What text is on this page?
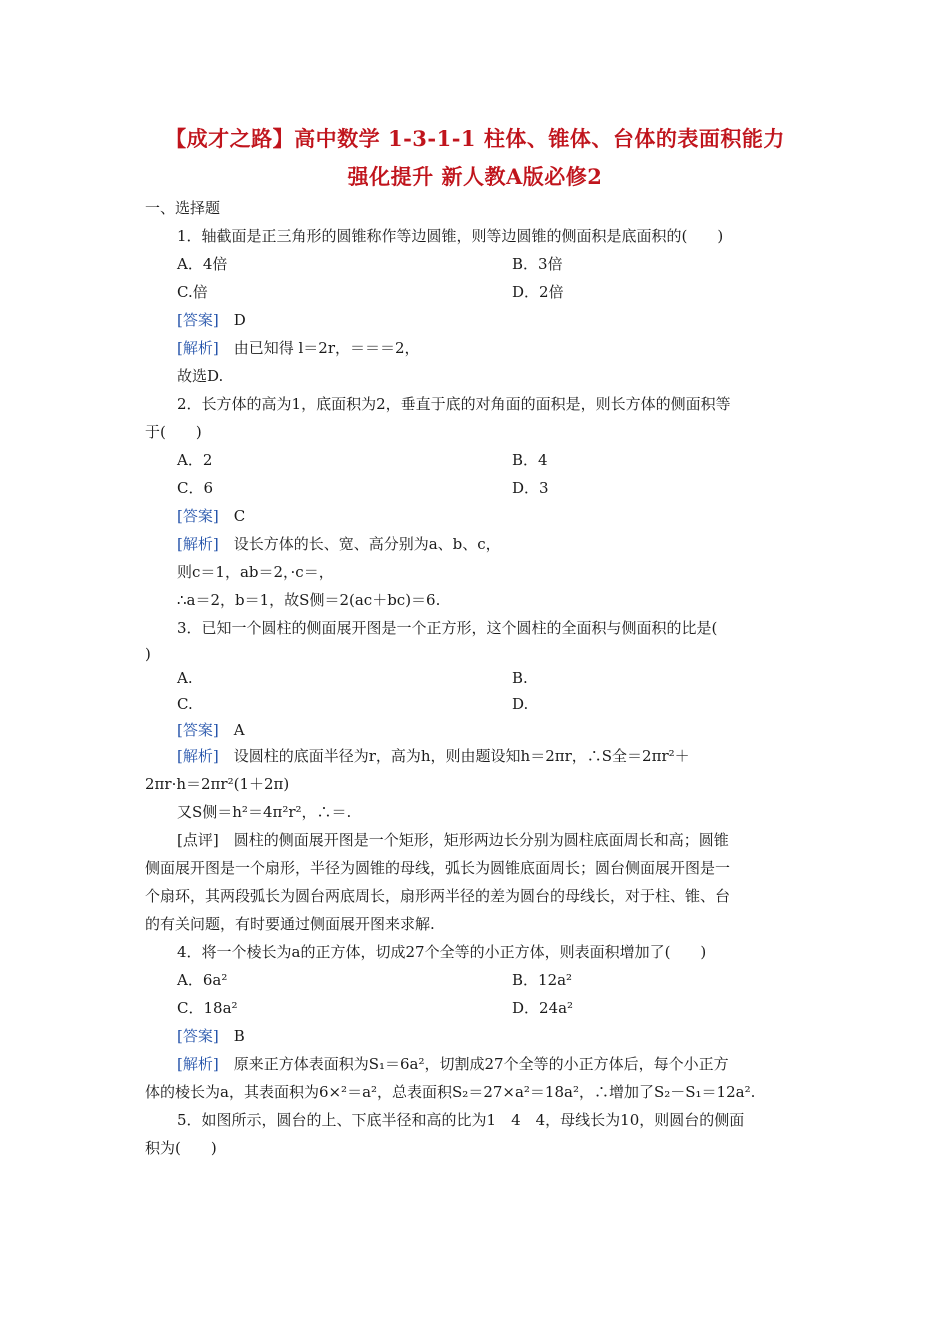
【成才之路】高中数学 1-3-1-1 柱体、锥体、台体的表面积能力
强化提升 新人教A版必修2
一、选择题
1．轴截面是正三角形的圆锥称作等边圆锥，则等边圆锥的侧面积是底面积的(　　)
A．4倍	B．3倍
C.倍	D．2倍
[答案]　D
[解析]　由已知得 l＝2r，＝＝＝2，
故选D.
2．长方体的高为1，底面积为2，垂直于底的对角面的面积是，则长方体的侧面积等
于(　　)
A．2	B．4
C．6	D．3
[答案]　C
[解析]　设长方体的长、宽、高分别为a、b、c，
则c＝1，ab＝2，·c＝，
∴a＝2，b＝1，故S侧＝2(ac＋bc)＝6.
3．已知一个圆柱的侧面展开图是一个正方形，这个圆柱的全面积与侧面积的比是(
)
A.	B.
C.	D.
[答案]　A
[解析]　设圆柱的底面半径为r，高为h，则由题设知h＝2πr，∴S全＝2πr²＋
2πr·h＝2πr²(1＋2π)
又S侧＝h²＝4π²r²，∴＝.
[点评]　圆柱的侧面展开图是一个矩形，矩形两边长分别为圆柱底面周长和高；圆锥
侧面展开图是一个扇形，半径为圆锥的母线，弧长为圆锥底面周长；圆台侧面展开图是一
个扇环，其两段弧长为圆台两底周长，扇形两半径的差为圆台的母线长，对于柱、锥、台
的有关问题，有时要通过侧面展开图来求解.
4．将一个棱长为a的正方体，切成27个全等的小正方体，则表面积增加了(　　)
A．6a²	B．12a²
C．18a²	D．24a²
[答案]　B
[解析]　原来正方体表面积为S₁＝6a²，切割成27个全等的小正方体后，每个小正方
体的棱长为a，其表面积为6×²＝a²，总表面积S₂＝27×a²＝18a²，∴增加了S₂－S₁＝12a².
5．如图所示，圆台的上、下底半径和高的比为1　4　4，母线长为10，则圆台的侧面
积为(　　)
